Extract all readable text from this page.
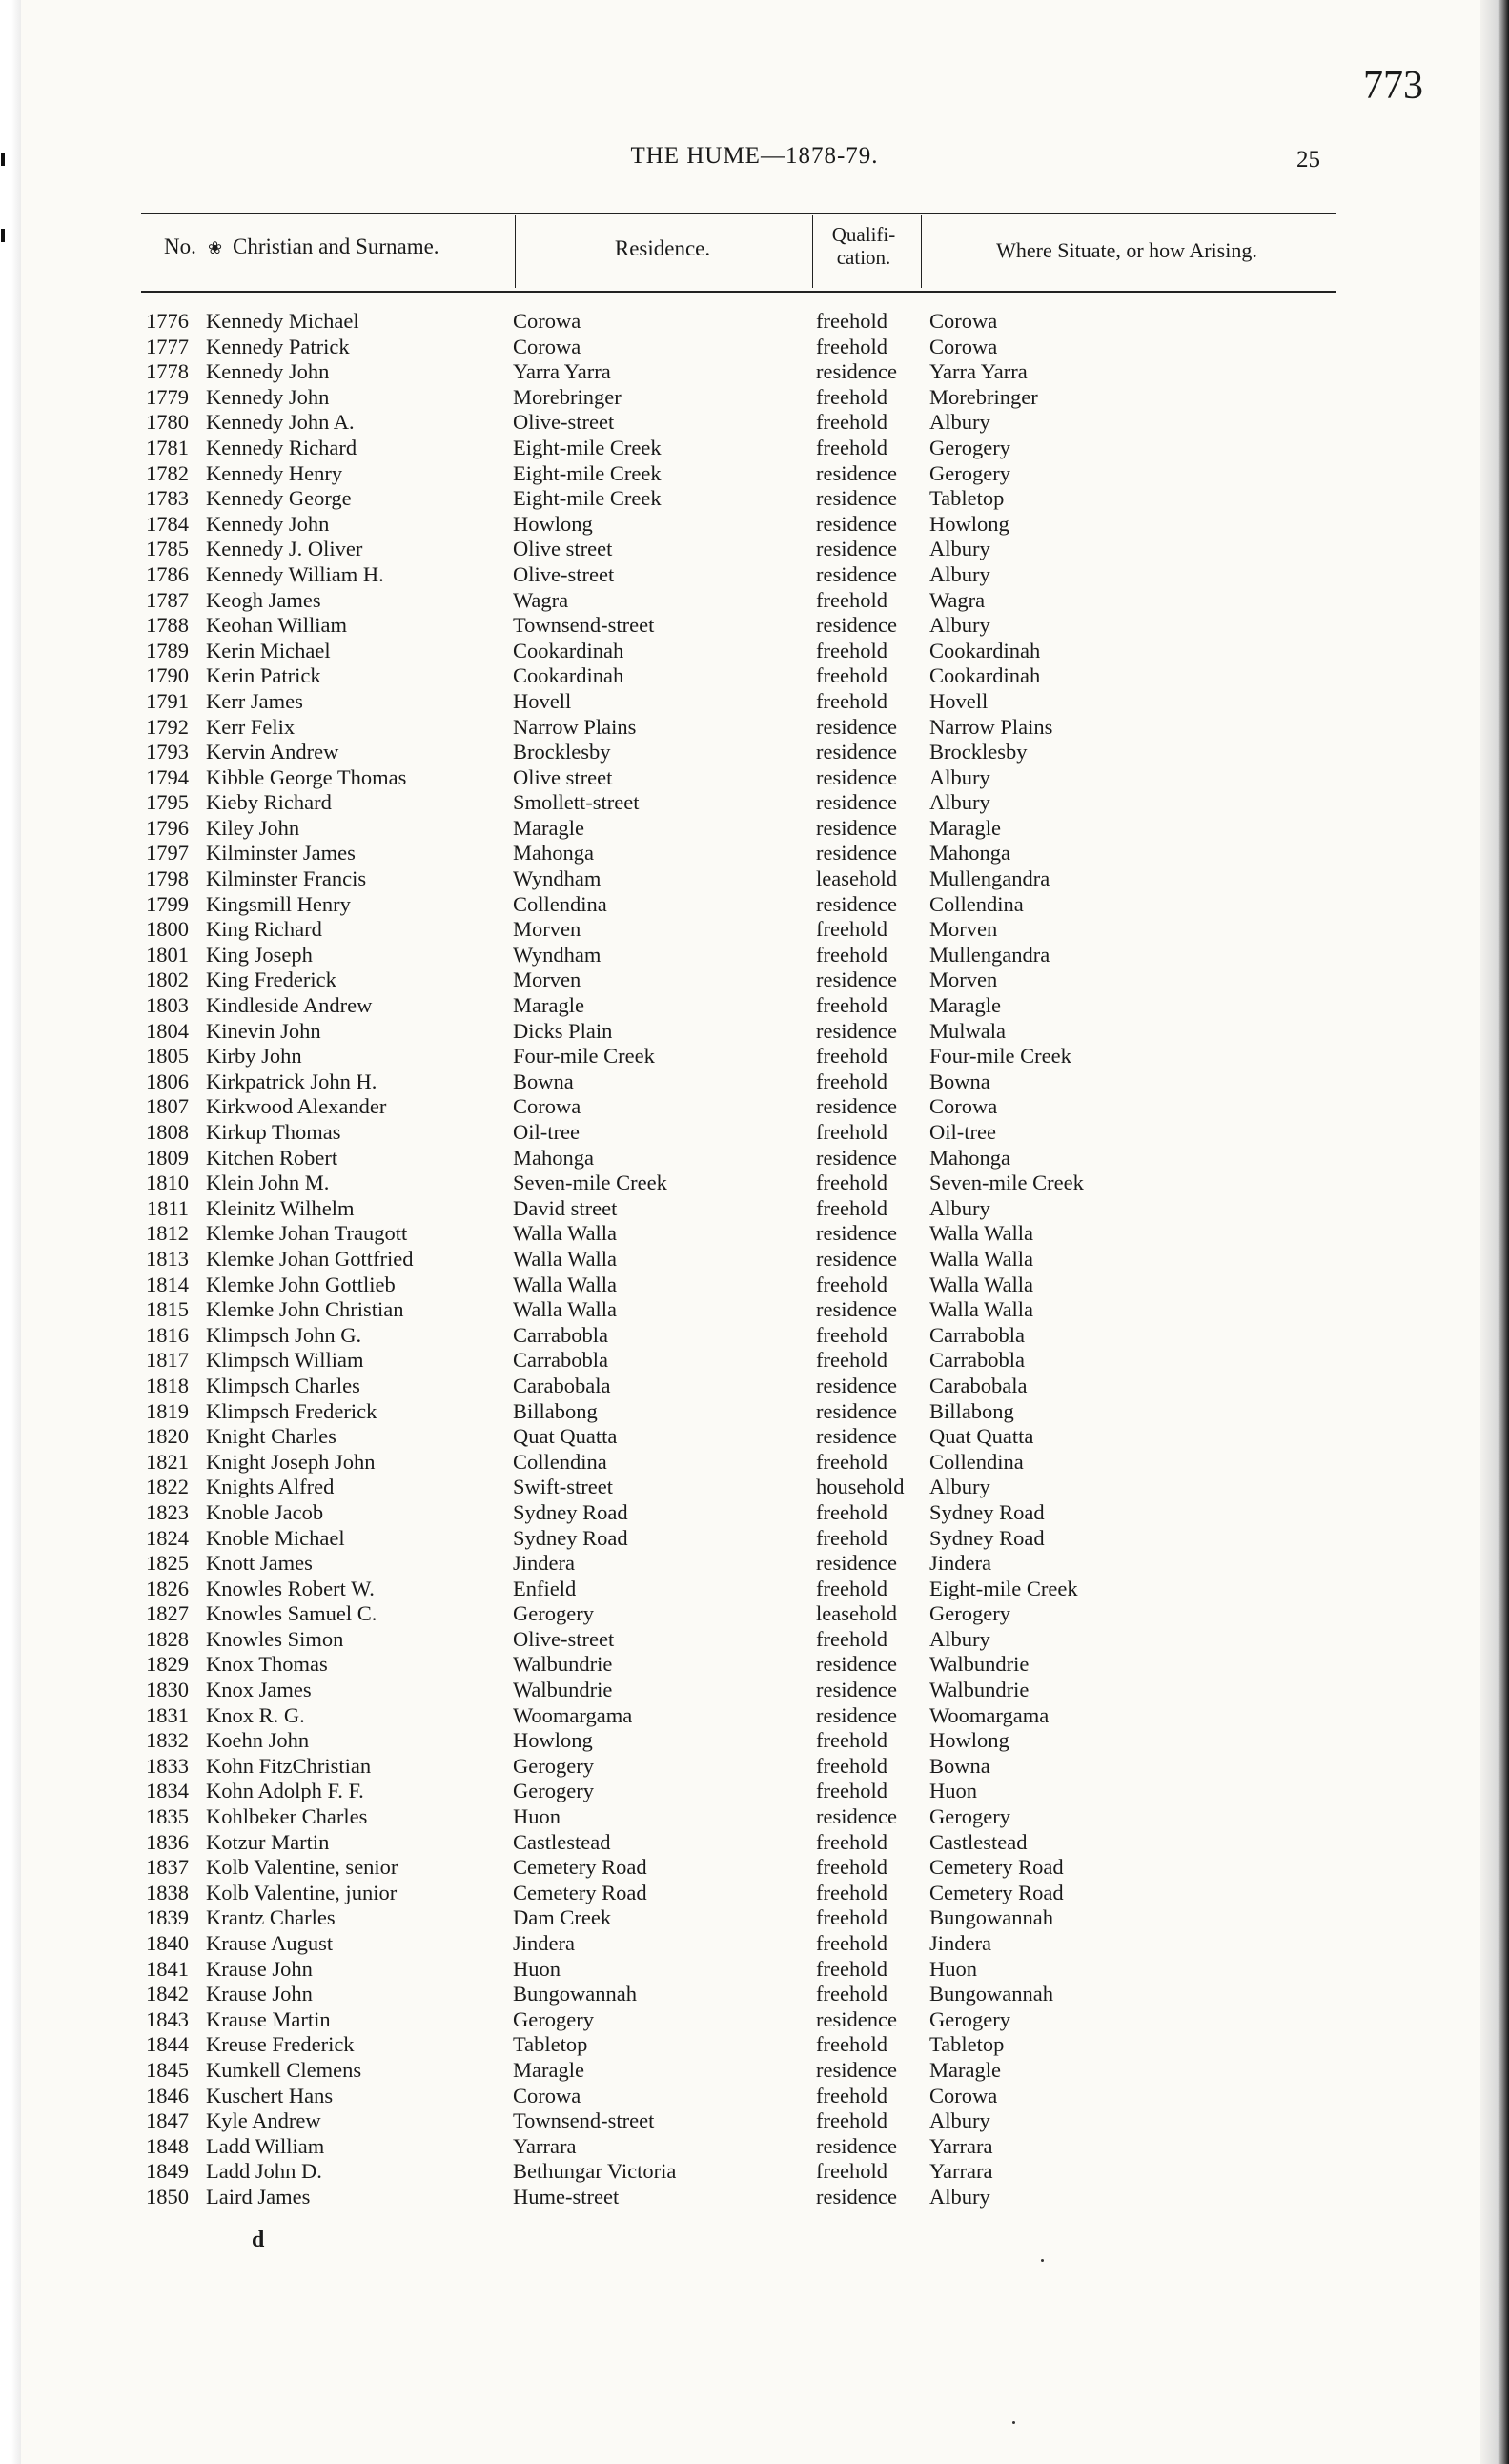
773
THE HUME—1878-79.	25
No. ❀ Christian and Surname.	Residence.
Qualifi-
cation.	Where Situate, or how Arising.
1776 Kennedy Michael	Corowa	freehold Corowa
1777 Kennedy Patrick	Corowa	freehold Corowa
1778 Kennedy John	Yarra Yarra	residence Yarra Yarra
1779 Kennedy John	Morebringer	freehold Morebringer
1780 Kennedy John A.	Olive-street	freehold Albury
1781 Kennedy Richard	Eight-mile Creek	freehold Gerogery
1782 Kennedy Henry	Eight-mile Creek	residence Gerogery
1783 Kennedy George	Eight-mile Creek	residence Tabletop
1784 Kennedy John	Howlong	residence Howlong
1785 Kennedy J. Oliver	Olive street	residence Albury
1786 Kennedy William H.	Olive-street	residence Albury
1787 Keogh James	Wagra	freehold Wagra
1788 Keohan William	Townsend-street	residence Albury
1789 Kerin Michael	Cookardinah	freehold Cookardinah
1790 Kerin Patrick	Cookardinah	freehold Cookardinah
1791 Kerr James	Hovell	freehold Hovell
1792 Kerr Felix	Narrow Plains	residence Narrow Plains
1793 Kervin Andrew	Brocklesby	residence Brocklesby
1794 Kibble George Thomas	Olive street	residence Albury
1795 Kieby Richard	Smollett-street	residence Albury
1796 Kiley John	Maragle	residence Maragle
1797 Kilminster James	Mahonga	residence Mahonga
1798 Kilminster Francis	Wyndham	leasehold Mullengandra
1799 Kingsmill Henry	Collendina	residence Collendina
1800 King Richard	Morven	freehold Morven
1801 King Joseph	Wyndham	freehold Mullengandra
1802 King Frederick	Morven	residence Morven
1803 Kindleside Andrew	Maragle	freehold Maragle
1804 Kinevin John	Dicks Plain	residence Mulwala
1805 Kirby John	Four-mile Creek	freehold Four-mile Creek
1806 Kirkpatrick John H.	Bowna	freehold Bowna
1807 Kirkwood Alexander	Corowa	residence Corowa
1808 Kirkup Thomas	Oil-tree	freehold Oil-tree
1809 Kitchen Robert	Mahonga	residence Mahonga
1810 Klein John M.	Seven-mile Creek	freehold Seven-mile Creek
1811 Kleinitz Wilhelm	David street	freehold Albury
1812 Klemke Johan Traugott	Walla Walla	residence Walla Walla
1813 Klemke Johan Gottfried	Walla Walla	residence Walla Walla
1814 Klemke John Gottlieb	Walla Walla	freehold Walla Walla
1815 Klemke John Christian	Walla Walla	residence Walla Walla
1816 Klimpsch John G.	Carrabobla	freehold Carrabobla
1817 Klimpsch William	Carrabobla	freehold Carrabobla
1818 Klimpsch Charles	Carabobala	residence Carabobala
1819 Klimpsch Frederick	Billabong	residence Billabong
1820 Knight Charles	Quat Quatta	residence Quat Quatta
1821 Knight Joseph John	Collendina	freehold Collendina
1822 Knights Alfred	Swift-street	household Albury
1823 Knoble Jacob	Sydney Road	freehold Sydney Road
1824 Knoble Michael	Sydney Road	freehold Sydney Road
1825 Knott James	Jindera	residence Jindera
1826 Knowles Robert W.	Enfield	freehold Eight-mile Creek
1827 Knowles Samuel C.	Gerogery	leasehold Gerogery
1828 Knowles Simon	Olive-street	freehold Albury
1829 Knox Thomas	Walbundrie	residence Walbundrie
1830 Knox James	Walbundrie	residence Walbundrie
1831 Knox R. G.	Woomargama	residence Woomargama
1832 Koehn John	Howlong	freehold Howlong
1833 Kohn FitzChristian	Gerogery	freehold Bowna
1834 Kohn Adolph F. F.	Gerogery	freehold Huon
1835 Kohlbeker Charles	Huon	residence Gerogery
1836 Kotzur Martin	Castlestead	freehold Castlestead
1837 Kolb Valentine, senior	Cemetery Road	freehold Cemetery Road
1838 Kolb Valentine, junior	Cemetery Road	freehold Cemetery Road
1839 Krantz Charles	Dam Creek	freehold Bungowannah
1840 Krause August	Jindera	freehold Jindera
1841 Krause John	Huon	freehold Huon
1842 Krause John	Bungowannah	freehold Bungowannah
1843 Krause Martin	Gerogery	residence Gerogery
1844 Kreuse Frederick	Tabletop	freehold Tabletop
1845 Kumkell Clemens	Maragle	residence Maragle
1846 Kuschert Hans	Corowa	freehold Corowa
1847 Kyle Andrew	Townsend-street	freehold Albury
1848 Ladd William	Yarrara	residence Yarrara
1849 Ladd John D.	Bethungar Victoria	freehold Yarrara
1850 Laird James	Hume-street	residence Albury
d
